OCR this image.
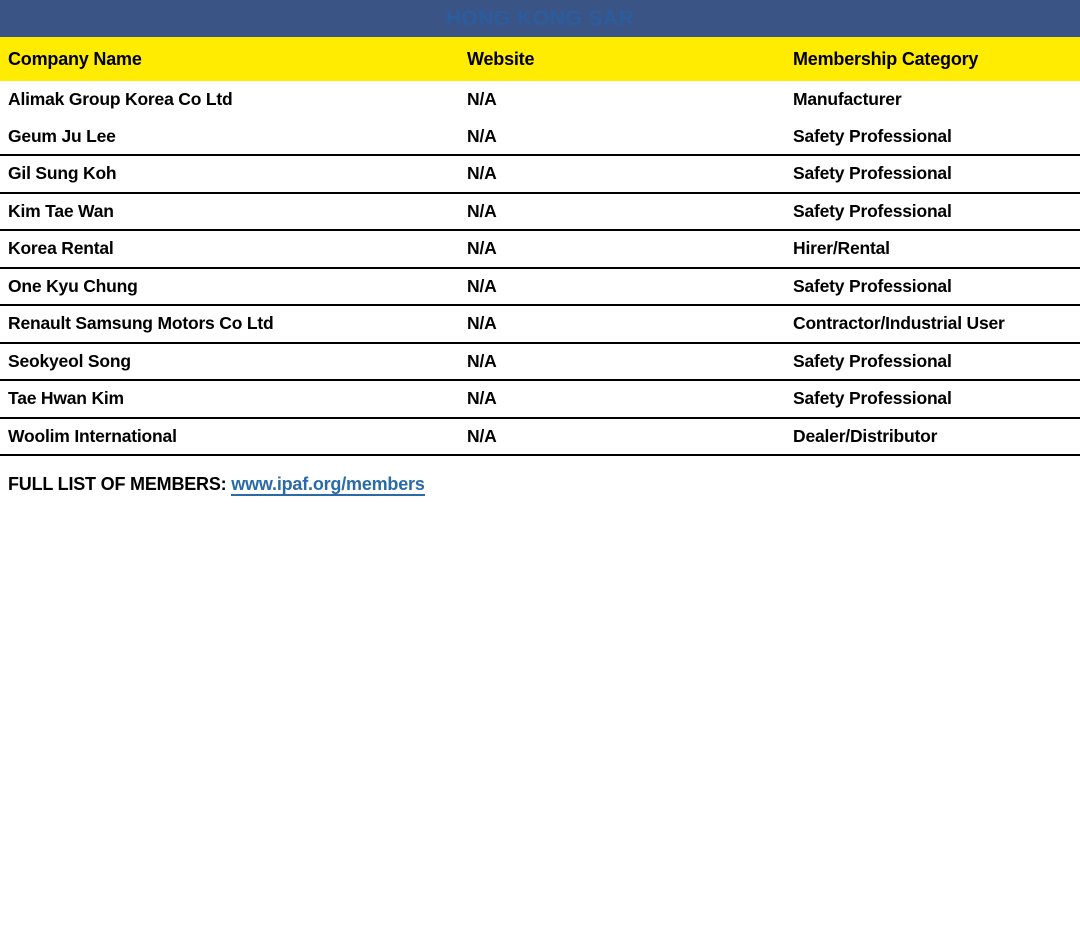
HONG KONG SAR
Company Name	Website	Membership Category
Alimak Group Korea Co Ltd	N/A	Manufacturer
Geum Ju Lee	N/A	Safety Professional
Gil Sung Koh	N/A	Safety Professional
Kim Tae Wan	N/A	Safety Professional
Korea Rental	N/A	Hirer/Rental
One Kyu Chung	N/A	Safety Professional
Renault Samsung Motors Co Ltd	N/A	Contractor/Industrial User
Seokyeol Song	N/A	Safety Professional
Tae Hwan Kim	N/A	Safety Professional
Woolim International	N/A	Dealer/Distributor
FULL LIST OF MEMBERS: www.ipaf.org/members
